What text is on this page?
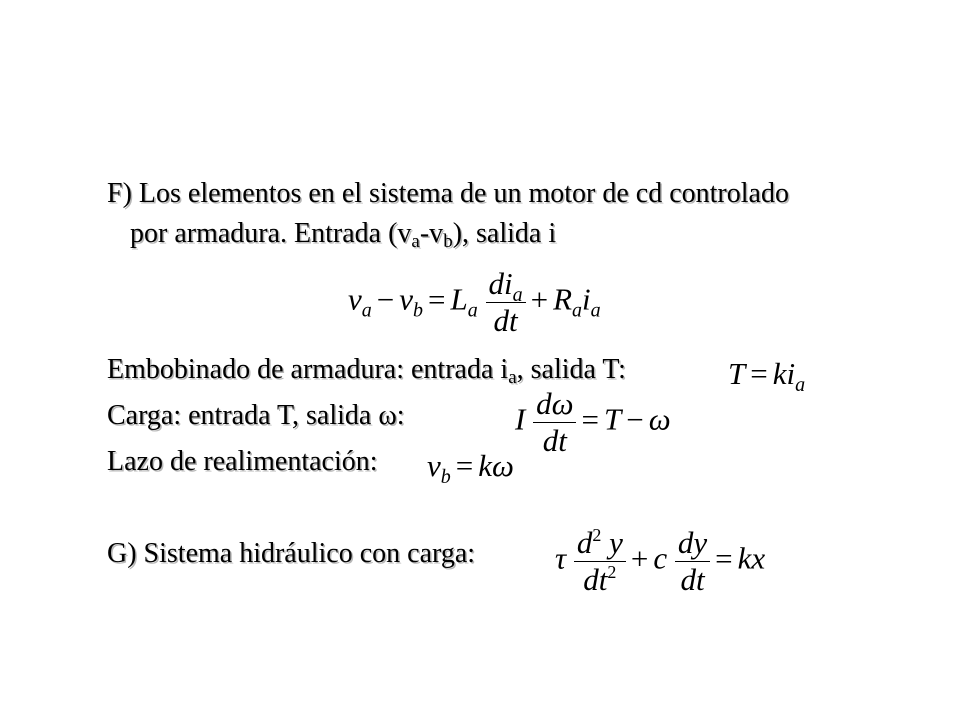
F) Los elementos en el sistema de un motor de cd controlado
por armadura. Entrada $(v_a-v_b)$, salida i
$v_a - v_b = L_a \frac{di_a}{dt} + R_ai_a$
Embobinado de armadura: entrada $i_a$, salida T:	$T = ki_a$
Carga: entrada T, salida ω:	I $\frac{d\omega}{dt} = T - \omega$
Lazo de realimentación: $v_b = k\omega$
G) Sistema hidráulico con carga:	τ $\frac{d^2 y}{dt^2} + c \frac{dy}{dt}$ = kx
